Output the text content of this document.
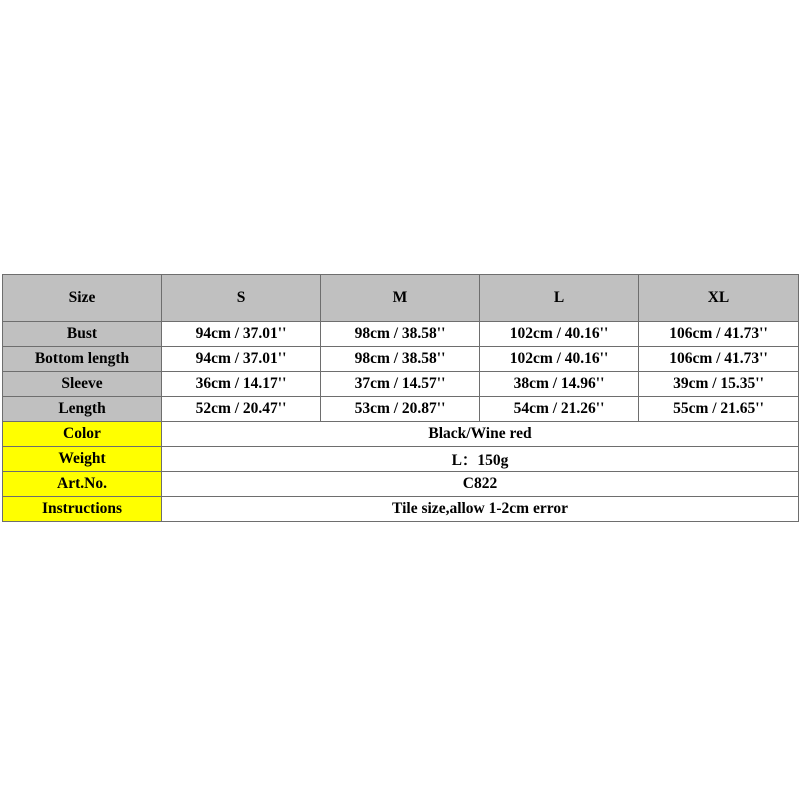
Size	S	M	L	XL
Bust	94cm / 37.01''	98cm / 38.58''	102cm / 40.16''	106cm / 41.73''
Bottom length	94cm / 37.01''	98cm / 38.58''	102cm / 40.16''	106cm / 41.73''
Sleeve	36cm / 14.17''	37cm / 14.57''	38cm / 14.96''	39cm / 15.35''
Length	52cm / 20.47''	53cm / 20.87''	54cm / 21.26''	55cm / 21.65''
Color	Black/Wine red			
Weight	L：150g			
Art.No.	C822			
Instructions	Tile size,allow 1-2cm error			
